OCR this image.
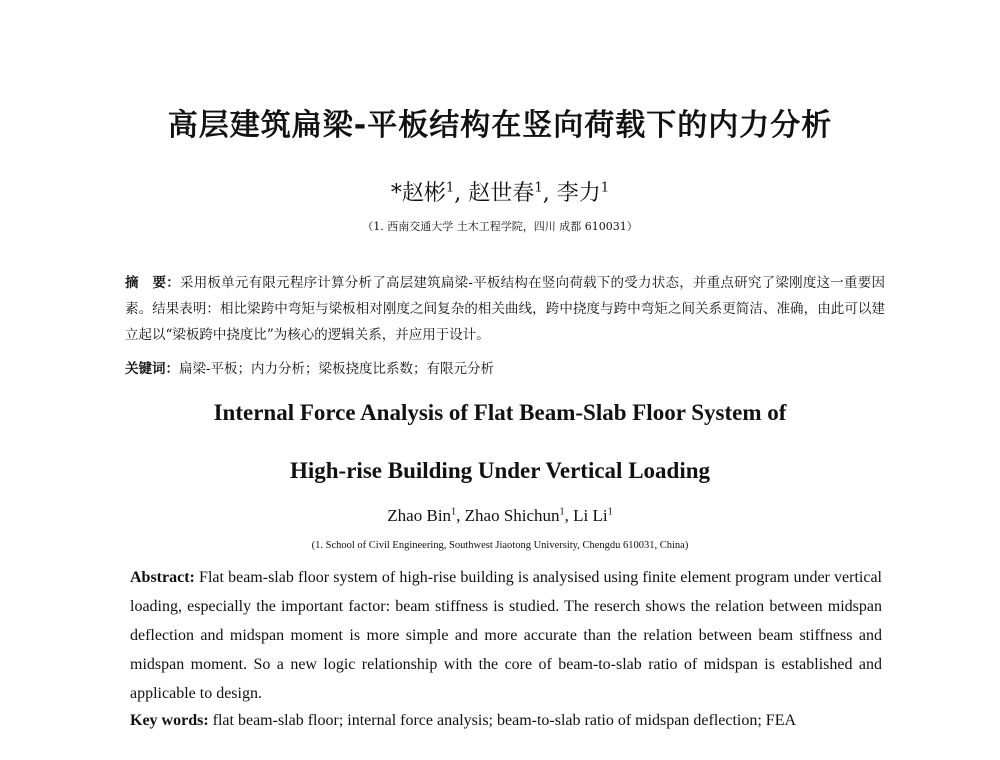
高层建筑扁梁-平板结构在竖向荷载下的内力分析
*赵彬$^1$, 赵世春$^1$, 李力$^1$
（1. 西南交通大学 土木工程学院，四川 成都 610031）
摘　要：采用板单元有限元程序计算分析了高层建筑扁梁-平板结构在竖向荷载下的受力状态，并重点研究了梁刚度这一重要因素。结果表明：相比梁跨中弯矩与梁板相对刚度之间复杂的相关曲线，跨中挠度与跨中弯矩之间关系更简洁、准确，由此可以建立起以“梁板跨中挠度比”为核心的逻辑关系，并应用于设计。
关键词：扁梁-平板；内力分析；梁板挠度比系数；有限元分析
Internal Force Analysis of Flat Beam-Slab Floor System of
High-rise Building Under Vertical Loading
Zhao Bin$^1$, Zhao Shichun$^1$, Li Li$^1$
(1. School of Civil Engineering, Southwest Jiaotong University, Chengdu 610031, China)
Abstract: Flat beam-slab floor system of high-rise building is analysised using finite element program under vertical loading, especially the important factor: beam stiffness is studied. The reserch shows the relation between midspan deflection and midspan moment is more simple and more accurate than the relation between beam stiffness and midspan moment. So a new logic relationship with the core of beam-to-slab ratio of midspan is established and applicable to design.
Key words: flat beam-slab floor; internal force analysis; beam-to-slab ratio of midspan deflection; FEA
